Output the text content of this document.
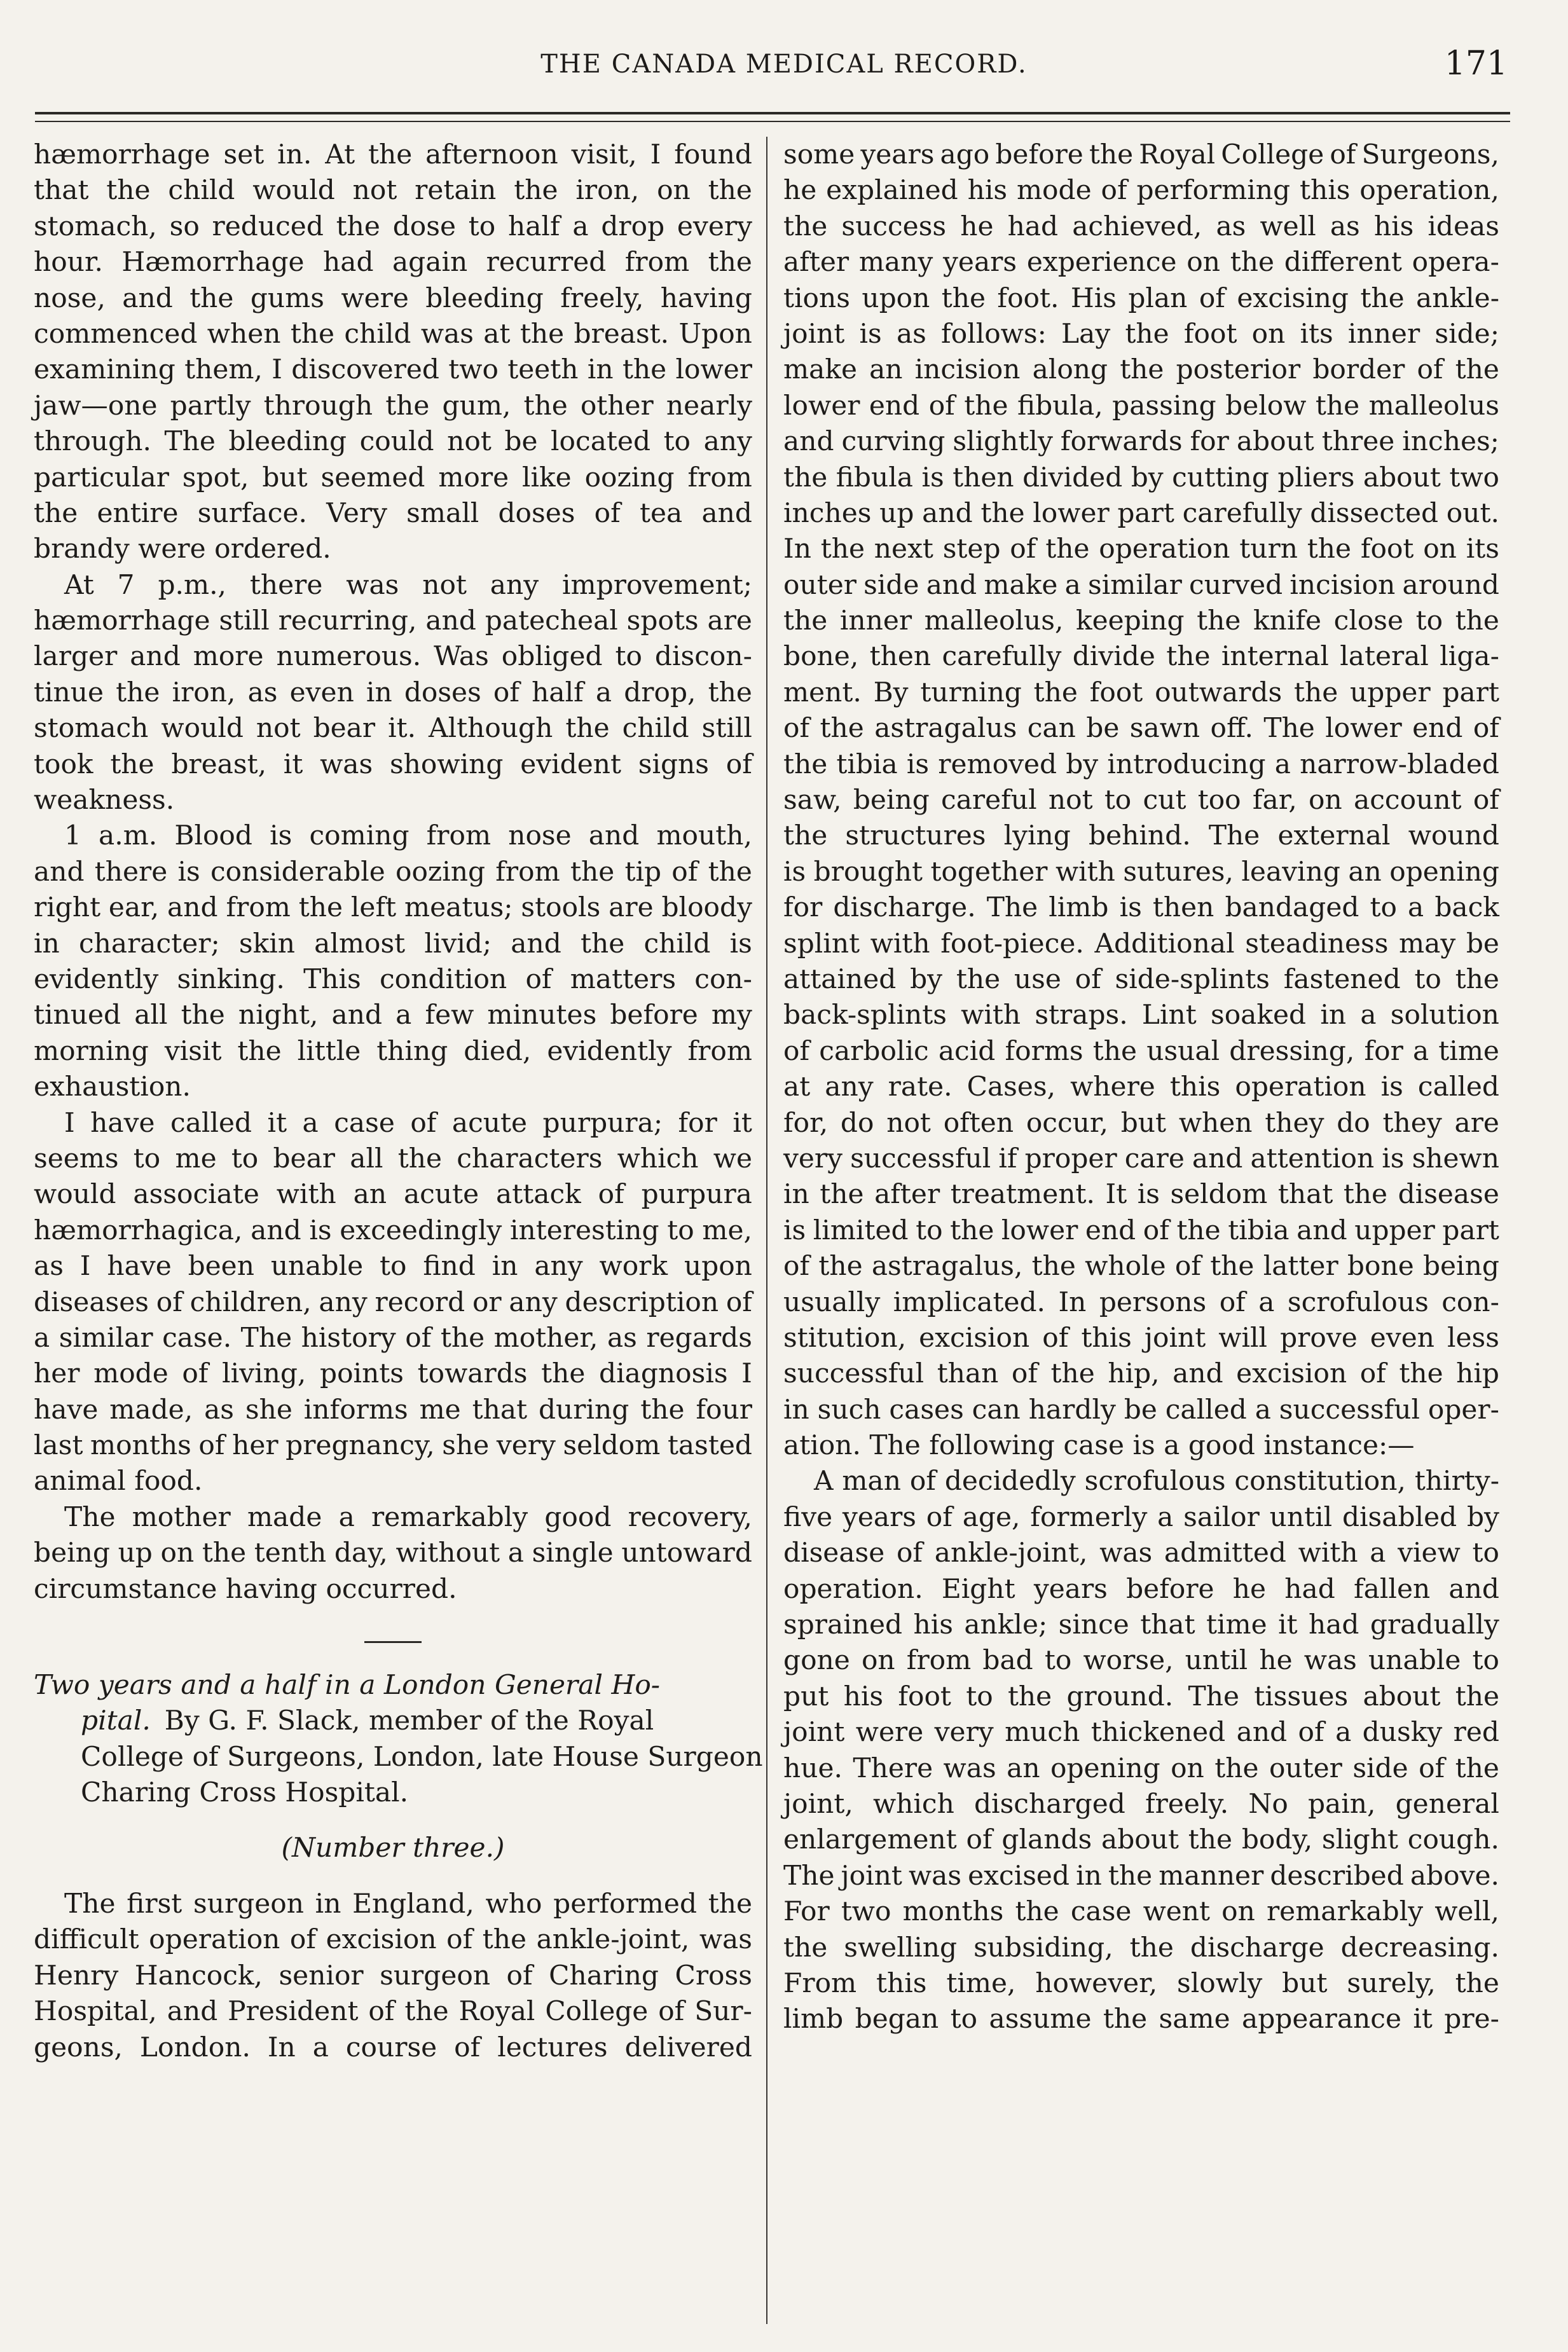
THE CANADA MEDICAL RECORD.	171
hæmorrhage set in. At the afternoon visit, I found
that the child would not retain the iron, on the
stomach, so reduced the dose to half a drop every
hour. Hæmorrhage had again recurred from the
nose, and the gums were bleeding freely, having
commenced when the child was at the breast. Upon
examining them, I discovered two teeth in the lower
jaw—one partly through the gum, the other nearly
through. The bleeding could not be located to any
particular spot, but seemed more like oozing from
the entire surface. Very small doses of tea and
brandy were ordered.
At 7 p.m., there was not any improvement;
hæmorrhage still recurring, and patecheal spots are
larger and more numerous. Was obliged to discon-
tinue the iron, as even in doses of half a drop, the
stomach would not bear it. Although the child still
took the breast, it was showing evident signs of
weakness.
1 a.m. Blood is coming from nose and mouth,
and there is considerable oozing from the tip of the
right ear, and from the left meatus; stools are bloody
in character; skin almost livid; and the child is
evidently sinking. This condition of matters con-
tinued all the night, and a few minutes before my
morning visit the little thing died, evidently from
exhaustion.
I have called it a case of acute purpura; for it
seems to me to bear all the characters which we
would associate with an acute attack of purpura
hæmorrhagica, and is exceedingly interesting to me,
as I have been unable to find in any work upon
diseases of children, any record or any description of
a similar case. The history of the mother, as regards
her mode of living, points towards the diagnosis I
have made, as she informs me that during the four
last months of her pregnancy, she very seldom tasted
animal food.
The mother made a remarkably good recovery,
being up on the tenth day, without a single untoward
circumstance having occurred.
Two years and a half in a London General Ho-
pital. By G. F. Slack, member of the Royal
College of Surgeons, London, late House Surgeon
Charing Cross Hospital.
(Number three.)
The first surgeon in England, who performed the
difficult operation of excision of the ankle-joint, was
Henry Hancock, senior surgeon of Charing Cross
Hospital, and President of the Royal College of Sur-
geons, London. In a course of lectures delivered
some years ago before the Royal College of Surgeons,
he explained his mode of performing this operation,
the success he had achieved, as well as his ideas
after many years experience on the different opera-
tions upon the foot. His plan of excising the ankle-
joint is as follows: Lay the foot on its inner side;
make an incision along the posterior border of the
lower end of the fibula, passing below the malleolus
and curving slightly forwards for about three inches;
the fibula is then divided by cutting pliers about two
inches up and the lower part carefully dissected out.
In the next step of the operation turn the foot on its
outer side and make a similar curved incision around
the inner malleolus, keeping the knife close to the
bone, then carefully divide the internal lateral liga-
ment. By turning the foot outwards the upper part
of the astragalus can be sawn off. The lower end of
the tibia is removed by introducing a narrow-bladed
saw, being careful not to cut too far, on account of
the structures lying behind. The external wound
is brought together with sutures, leaving an opening
for discharge. The limb is then bandaged to a back
splint with foot-piece. Additional steadiness may be
attained by the use of side-splints fastened to the
back-splints with straps. Lint soaked in a solution
of carbolic acid forms the usual dressing, for a time
at any rate. Cases, where this operation is called
for, do not often occur, but when they do they are
very successful if proper care and attention is shewn
in the after treatment. It is seldom that the disease
is limited to the lower end of the tibia and upper part
of the astragalus, the whole of the latter bone being
usually implicated. In persons of a scrofulous con-
stitution, excision of this joint will prove even less
successful than of the hip, and excision of the hip
in such cases can hardly be called a successful oper-
ation. The following case is a good instance:—
A man of decidedly scrofulous constitution, thirty-
five years of age, formerly a sailor until disabled by
disease of ankle-joint, was admitted with a view to
operation. Eight years before he had fallen and
sprained his ankle; since that time it had gradually
gone on from bad to worse, until he was unable to
put his foot to the ground. The tissues about the
joint were very much thickened and of a dusky red
hue. There was an opening on the outer side of the
joint, which discharged freely. No pain, general
enlargement of glands about the body, slight cough.
The joint was excised in the manner described above.
For two months the case went on remarkably well,
the swelling subsiding, the discharge decreasing.
From this time, however, slowly but surely, the
limb began to assume the same appearance it pre-
